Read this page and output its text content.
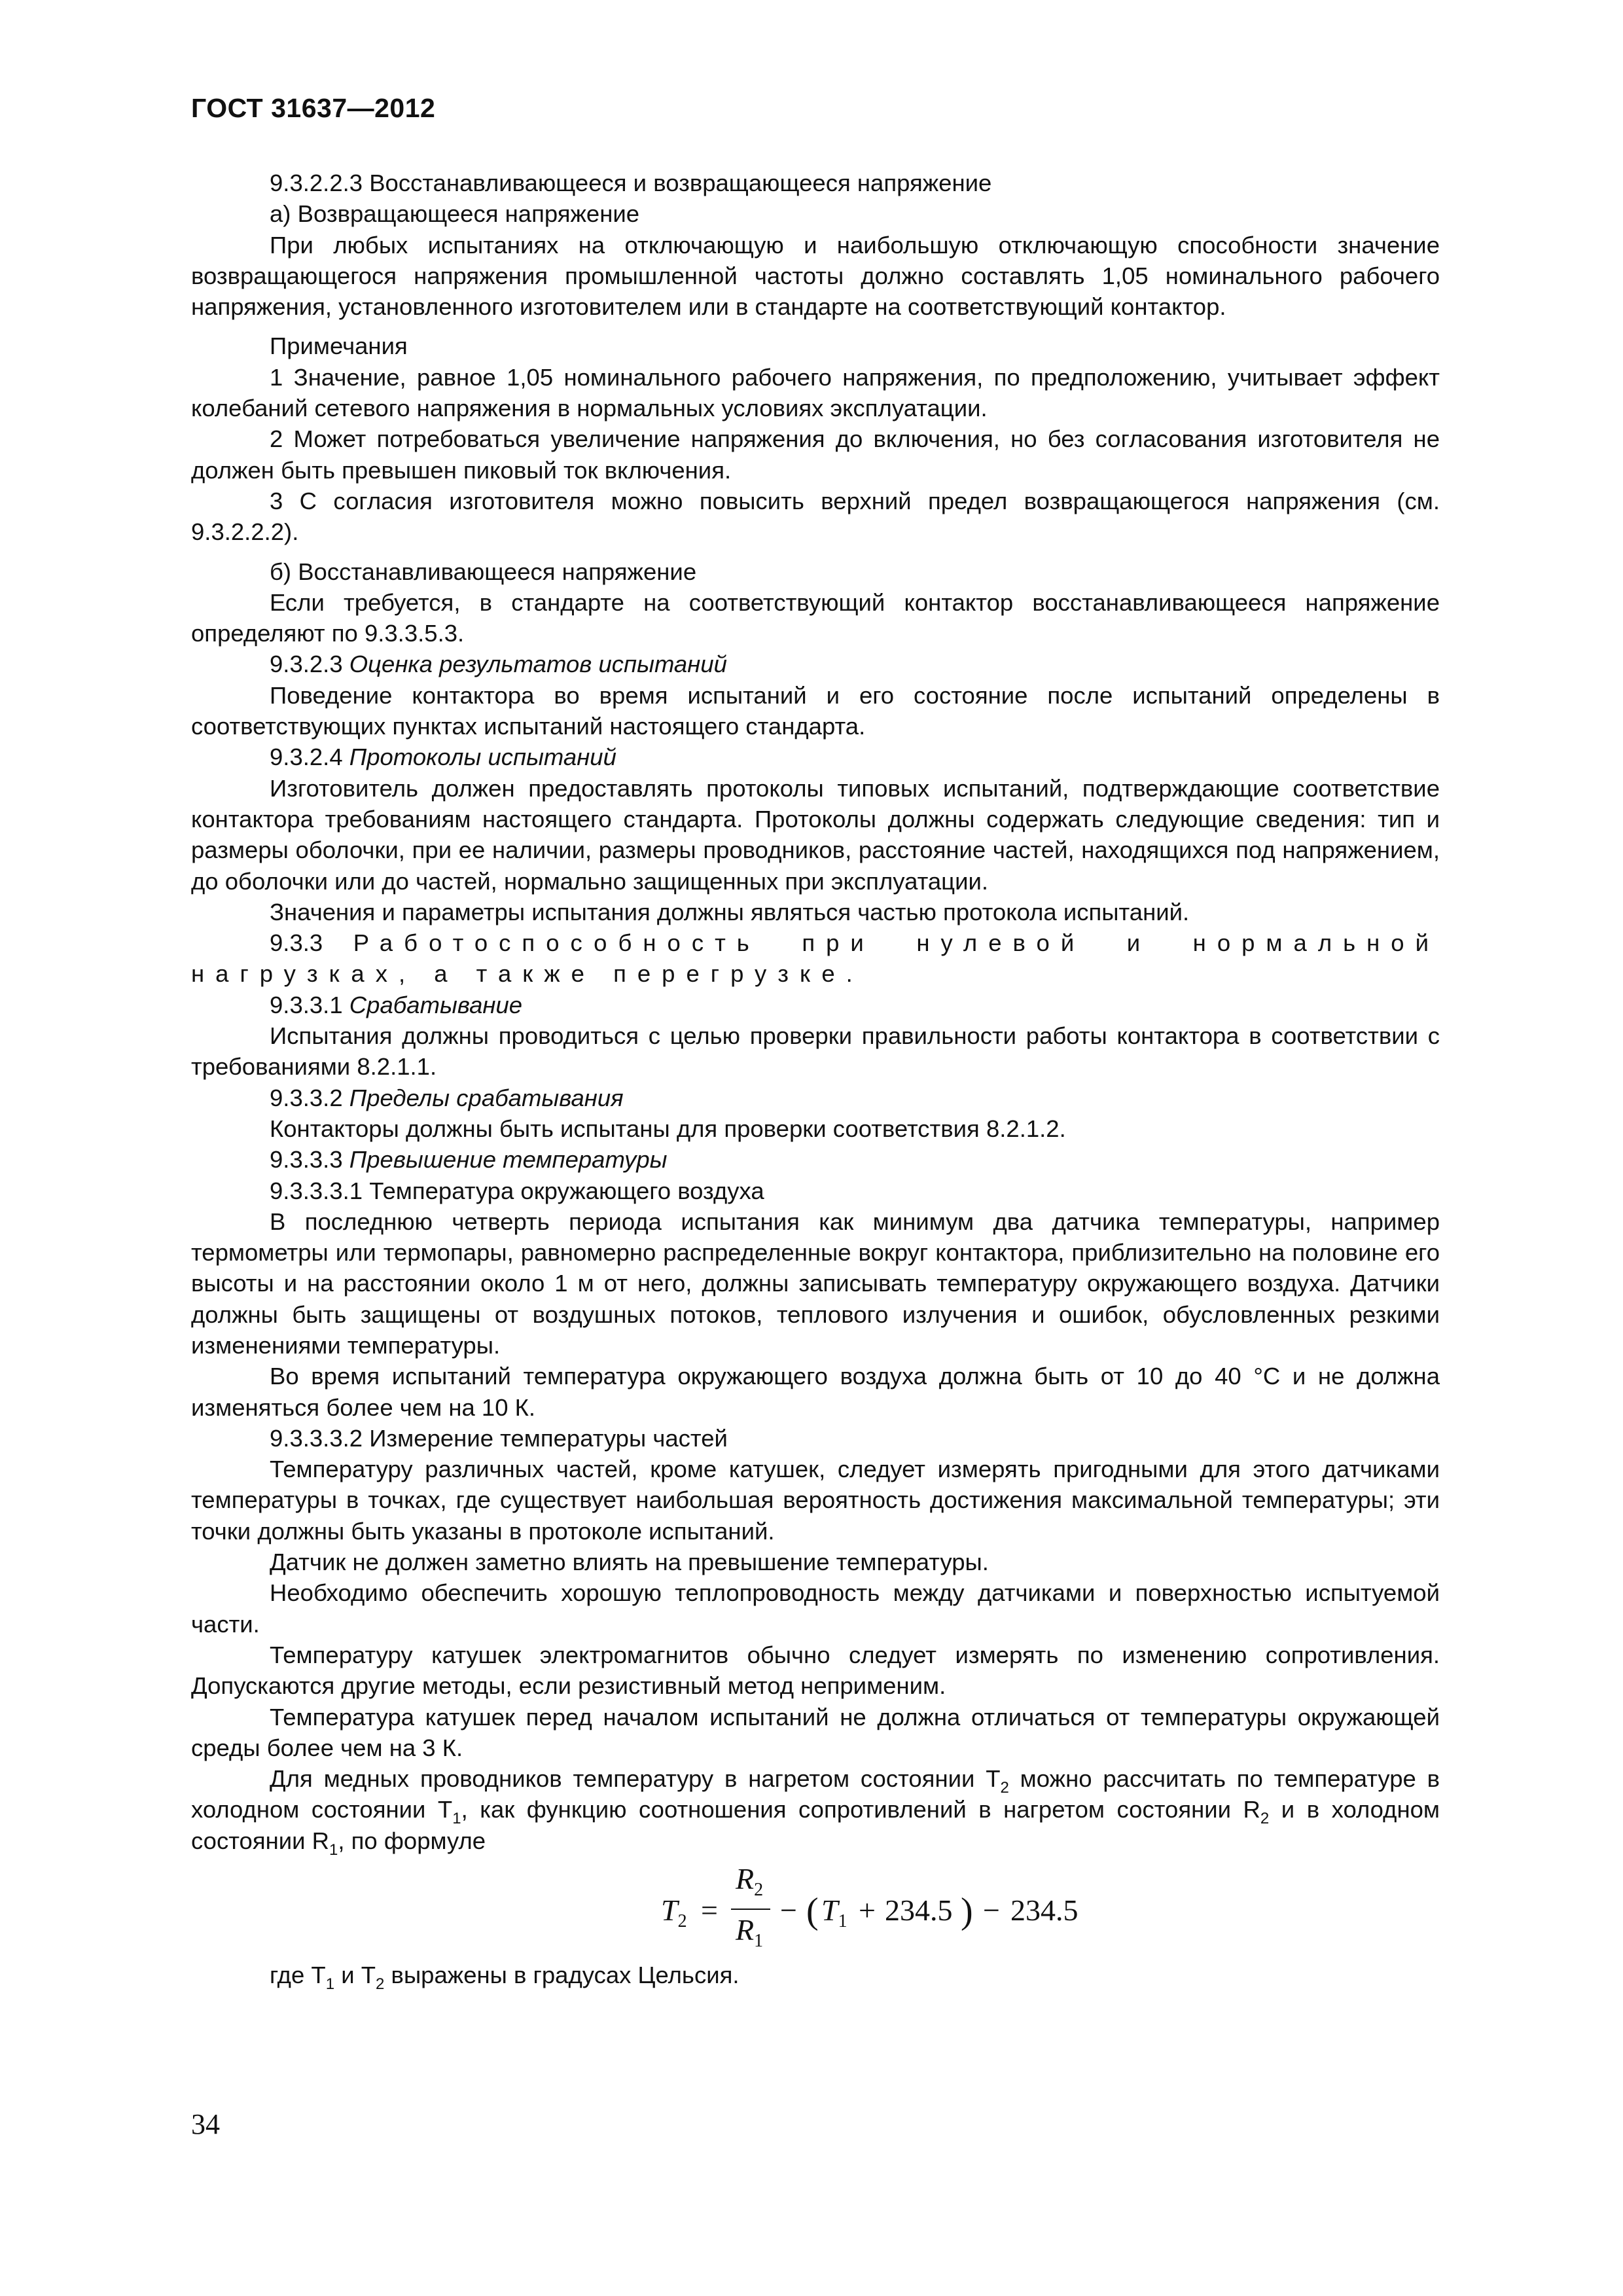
ГОСТ 31637—2012

9.3.2.2.3 Восстанавливающееся и возвращающееся напряжение

а) Возвращающееся напряжение

При любых испытаниях на отключающую и наибольшую отключающую способности значение возвращающегося напряжения промышленной частоты должно составлять 1,05 номинального рабочего напряжения, установленного изготовителем или в стандарте на соответствующий контактор.

Примечания

1 Значение, равное 1,05 номинального рабочего напряжения, по предположению, учитывает эффект колебаний сетевого напряжения в нормальных условиях эксплуатации.

2 Может потребоваться увеличение напряжения до включения, но без согласования изготовителя не должен быть превышен пиковый ток включения.

3 С согласия изготовителя можно повысить верхний предел возвращающегося напряжения (см. 9.3.2.2.2).

б) Восстанавливающееся напряжение

Если требуется, в стандарте на соответствующий контактор восстанавливающееся напряжение определяют по 9.3.3.5.3.

9.3.2.3 Оценка результатов испытаний

Поведение контактора во время испытаний и его состояние после испытаний определены в соответствующих пунктах испытаний настоящего стандарта.

9.3.2.4 Протоколы испытаний

Изготовитель должен предоставлять протоколы типовых испытаний, подтверждающие соответствие контактора требованиям настоящего стандарта. Протоколы должны содержать следующие сведения: тип и размеры оболочки, при ее наличии, размеры проводников, расстояние частей, находящихся под напряжением, до оболочки или до частей, нормально защищенных при эксплуатации.

Значения и параметры испытания должны являться частью протокола испытаний.

9.3.3 Работоспособность при нулевой и нормальной нагрузках, а также перегрузке.

9.3.3.1 Срабатывание

Испытания должны проводиться с целью проверки правильности работы контактора в соответствии с требованиями 8.2.1.1.

9.3.3.2 Пределы срабатывания

Контакторы должны быть испытаны для проверки соответствия 8.2.1.2.

9.3.3.3 Превышение температуры

9.3.3.3.1 Температура окружающего воздуха

В последнюю четверть периода испытания как минимум два датчика температуры, например термометры или термопары, равномерно распределенные вокруг контактора, приблизительно на половине его высоты и на расстоянии около 1 м от него, должны записывать температуру окружающего воздуха. Датчики должны быть защищены от воздушных потоков, теплового излучения и ошибок, обусловленных резкими изменениями температуры.

Во время испытаний температура окружающего воздуха должна быть от 10 до 40 °С и не должна изменяться более чем на 10 К.

9.3.3.3.2 Измерение температуры частей

Температуру различных частей, кроме катушек, следует измерять пригодными для этого датчиками температуры в точках, где существует наибольшая вероятность достижения максимальной температуры; эти точки должны быть указаны в протоколе испытаний.

Датчик не должен заметно влиять на превышение температуры.

Необходимо обеспечить хорошую теплопроводность между датчиками и поверхностью испытуемой части.

Температуру катушек электромагнитов обычно следует измерять по изменению сопротивления. Допускаются другие методы, если резистивный метод неприменим.

Температура катушек перед началом испытаний не должна отличаться от температуры окружающей среды более чем на 3 К.

Для медных проводников температуру в нагретом состоянии $Т_2$ можно рассчитать по температуре в холодном состоянии $Т_1$, как функцию соотношения сопротивлений в нагретом состоянии $R_2$ и в холодном состоянии $R_1$, по формуле

$T_2$ =
$R_2$
$R_1$
− ( $T_1 + 234.5$ ) − 234.5

где $Т_1$ и $Т_2$ выражены в градусах Цельсия.

34
